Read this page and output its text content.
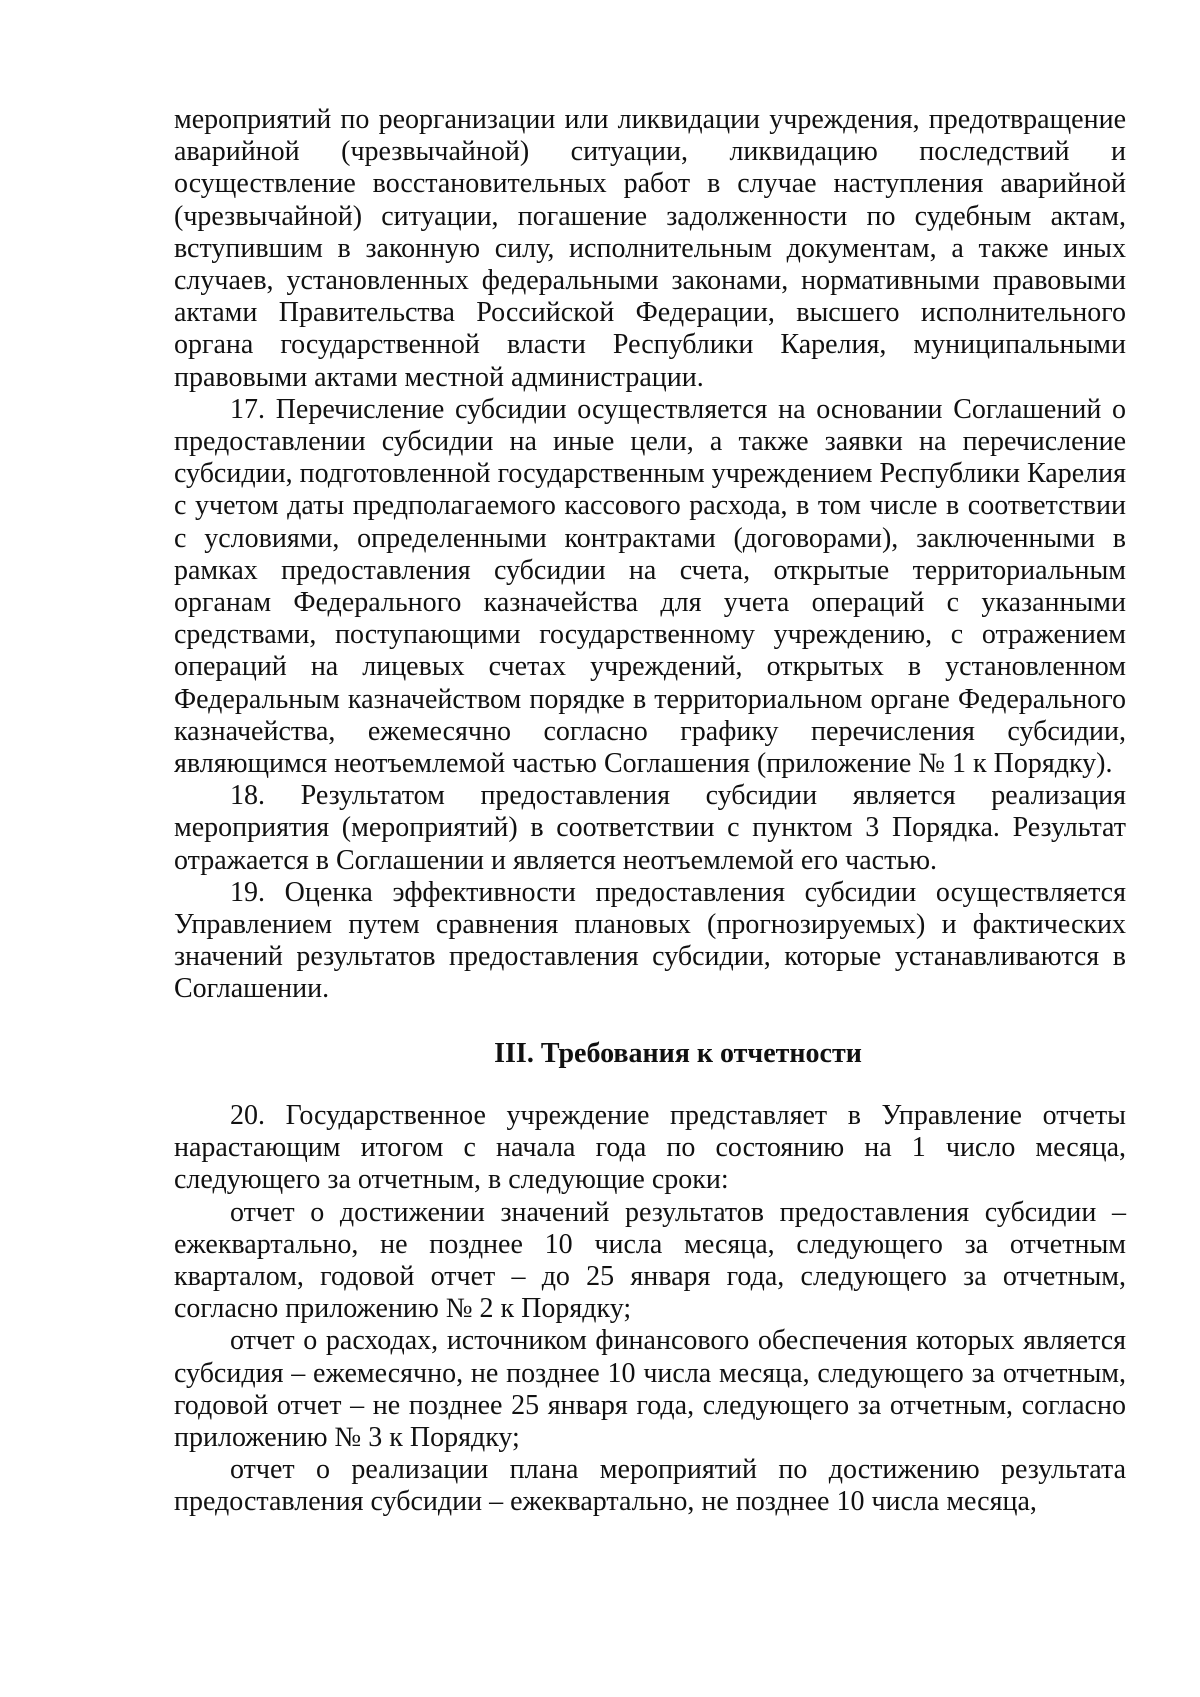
мероприятий по реорганизации или ликвидации учреждения, предотвращение аварийной (чрезвычайной) ситуации, ликвидацию последствий и осуществление восстановительных работ в случае наступления аварийной (чрезвычайной) ситуации, погашение задолженности по судебным актам, вступившим в законную силу, исполнительным документам, а также иных случаев, установленных федеральными законами, нормативными правовыми актами Правительства Российской Федерации, высшего исполнительного органа государственной власти Республики Карелия, муниципальными правовыми актами местной администрации.

17. Перечисление субсидии осуществляется на основании Соглашений о предоставлении субсидии на иные цели, а также заявки на перечисление субсидии, подготовленной государственным учреждением Республики Карелия с учетом даты предполагаемого кассового расхода, в том числе в соответствии с условиями, определенными контрактами (договорами), заключенными в рамках предоставления субсидии на счета, открытые территориальным органам Федерального казначейства для учета операций с указанными средствами, поступающими государственному учреждению, с отражением операций на лицевых счетах учреждений, открытых в установленном Федеральным казначейством порядке в территориальном органе Федерального казначейства, ежемесячно согласно графику перечисления субсидии, являющимся неотъемлемой частью Соглашения (приложение № 1 к Порядку).

18. Результатом предоставления субсидии является реализация мероприятия (мероприятий) в соответствии с пунктом 3 Порядка. Результат отражается в Соглашении и является неотъемлемой его частью.

19. Оценка эффективности предоставления субсидии осуществляется Управлением путем сравнения плановых (прогнозируемых) и фактических значений результатов предоставления субсидии, которые устанавливаются в Соглашении.

III. Требования к отчетности

20. Государственное учреждение представляет в Управление отчеты нарастающим итогом с начала года по состоянию на 1 число месяца, следующего за отчетным, в следующие сроки:

отчет о достижении значений результатов предоставления субсидии – ежеквартально, не позднее 10 числа месяца, следующего за отчетным кварталом, годовой отчет – до 25 января года, следующего за отчетным, согласно приложению № 2 к Порядку;

отчет о расходах, источником финансового обеспечения которых является субсидия – ежемесячно, не позднее 10 числа месяца, следующего за отчетным, годовой отчет – не позднее 25 января года, следующего за отчетным, согласно приложению № 3 к Порядку;

отчет о реализации плана мероприятий по достижению результата предоставления субсидии – ежеквартально, не позднее 10 числа месяца,
